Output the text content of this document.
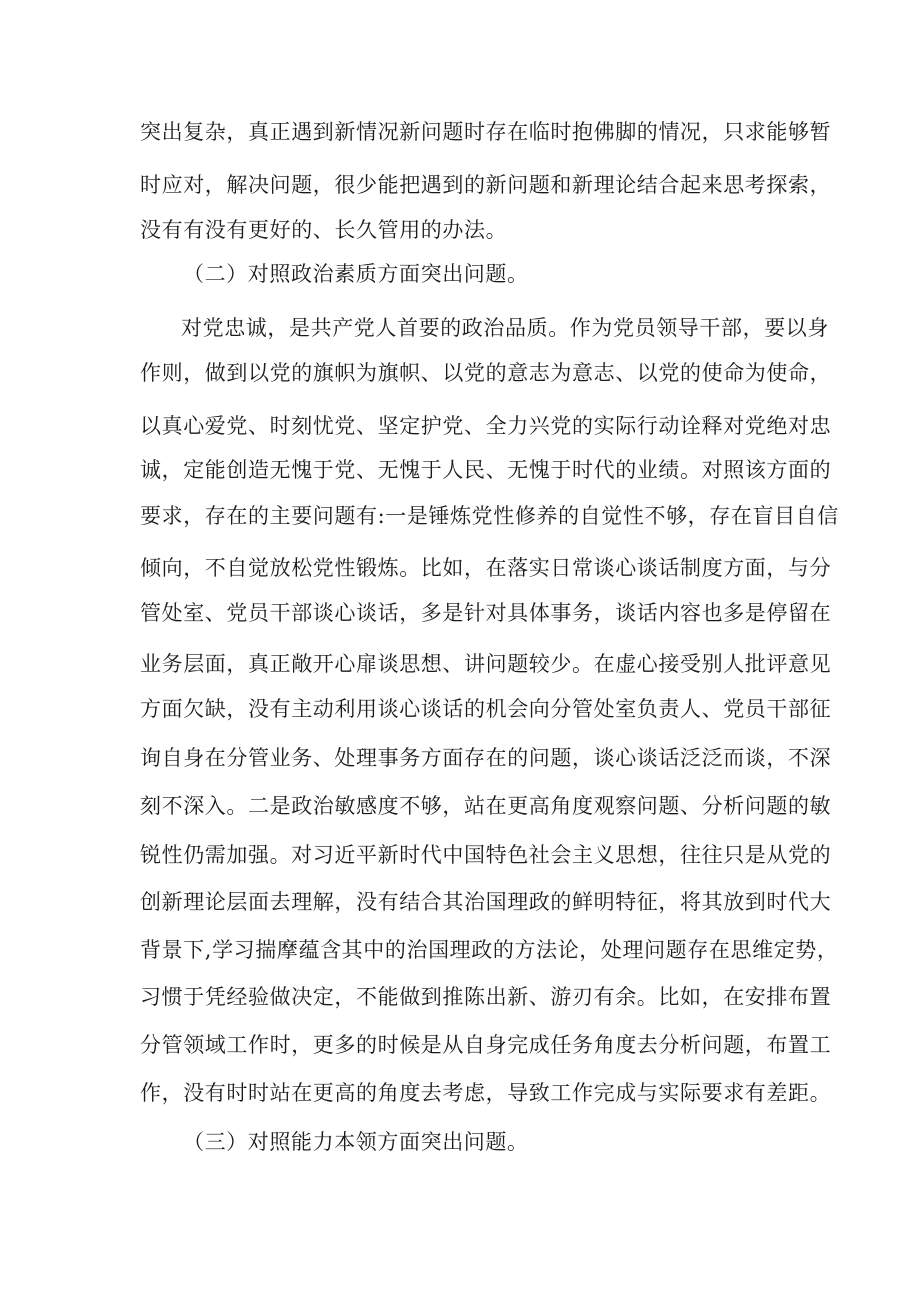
突出复杂，真正遇到新情况新问题时存在临时抱佛脚的情况，只求能够暂

时应对，解决问题，很少能把遇到的新问题和新理论结合起来思考探索，

没有有没有更好的、长久管用的办法。

（二）对照政治素质方面突出问题。

对党忠诚，是共产党人首要的政治品质。作为党员领导干部，要以身

作则，做到以党的旗帜为旗帜、以党的意志为意志、以党的使命为使命，

以真心爱党、时刻忧党、坚定护党、全力兴党的实际行动诠释对党绝对忠

诚，定能创造无愧于党、无愧于人民、无愧于时代的业绩。对照该方面的

要求，存在的主要问题有:一是锤炼党性修养的自觉性不够，存在盲目自信

倾向，不自觉放松党性锻炼。比如，在落实日常谈心谈话制度方面，与分

管处室、党员干部谈心谈话，多是针对具体事务，谈话内容也多是停留在

业务层面，真正敞开心扉谈思想、讲问题较少。在虚心接受别人批评意见

方面欠缺，没有主动利用谈心谈话的机会向分管处室负责人、党员干部征

询自身在分管业务、处理事务方面存在的问题，谈心谈话泛泛而谈，不深

刻不深入。二是政治敏感度不够，站在更高角度观察问题、分析问题的敏

锐性仍需加强。对习近平新时代中国特色社会主义思想，往往只是从党的

创新理论层面去理解，没有结合其治国理政的鲜明特征，将其放到时代大

背景下,学习揣摩蕴含其中的治国理政的方法论，处理问题存在思维定势，

习惯于凭经验做决定，不能做到推陈出新、游刃有余。比如，在安排布置

分管领域工作时，更多的时候是从自身完成任务角度去分析问题，布置工

作，没有时时站在更高的角度去考虑，导致工作完成与实际要求有差距。

（三）对照能力本领方面突出问题。
